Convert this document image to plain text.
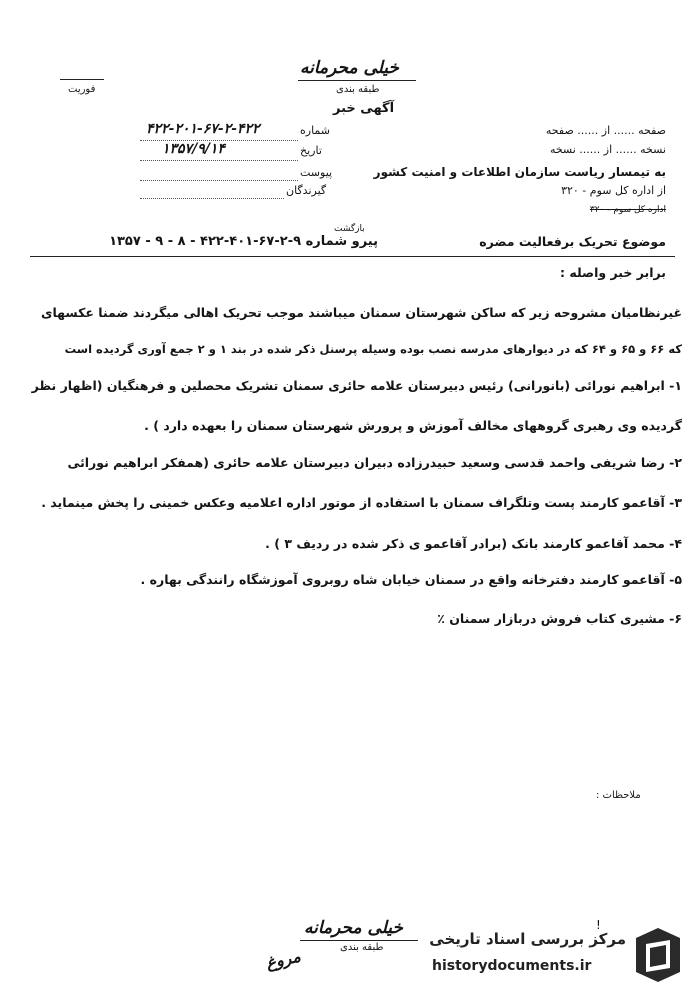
خیلی محرمانه
طبقه بندی
فوریت
آگهی خبر
صفحه ...... از ...... صفحه
نسخه ...... از ...... نسخه
شماره
۴۲۲-۲۰۱-۶۷-۲-۴۲۲
تاریخ
۱۳۵۷/۹/۱۴
پیوست
گیرندگان
به تیمسار ریاست سازمان اطلاعات و امنیت کشور
از اداره کل سوم - ۳۲۰
اداره کل سوم - ۳۲۰
بازگشت
پیرو شماره ۹-۲-۶۷-۴۰۱-۴۲۲ - ۸ - ۹ - ۱۳۵۷	موضوع تحریک برفعالیت مضره
برابر خبر واصله :
غیرنظامیان مشروحه زیر که ساکن شهرستان سمنان میباشند موجب تحریک اهالی میگردند ضمنا عکسهای
که ۶۶ و ۶۵ و ۶۴ که در دیوارهای مدرسه نصب بوده وسیله پرسنل ذکر شده در بند ۱ و ۲ جمع آوری گردیده است
۱- ابراهیم نورائی (بانورانی) رئیس دبیرستان علامه حائری سمنان تشریک محصلین و فرهنگیان (اظهار نظر
گردیده وی رهبری گروههای مخالف آموزش و پرورش شهرستان سمنان را بعهده دارد ) .
۲- رضا شریفی واحمد قدسی وسعید حبیدرزاده دبیران دبیرستان علامه حائری (همفکر ابراهیم نورائی
۳- آقاعمو کارمند پست وتلگراف سمنان با استفاده از موتور ادارە اعلامیه وعکس خمینی را پخش مینماید .
۴- محمد آقاعمو کارمند بانک (برادر آقاعمو ی ذکر شده در ردیف ۳ ) .
۵- آقاعمو کارمند دفترخانه واقع در سمنان خیابان شاه روبروی آموزشگاه رانندگی بهاره .
۶- مشیری کتاب فروش دربازار سمنان ٪
ملاحظات :
خیلی محرمانه
طبقه بندی
مروغ
!
مرکز بررسی اسناد تاریخی
historydocuments.ir
